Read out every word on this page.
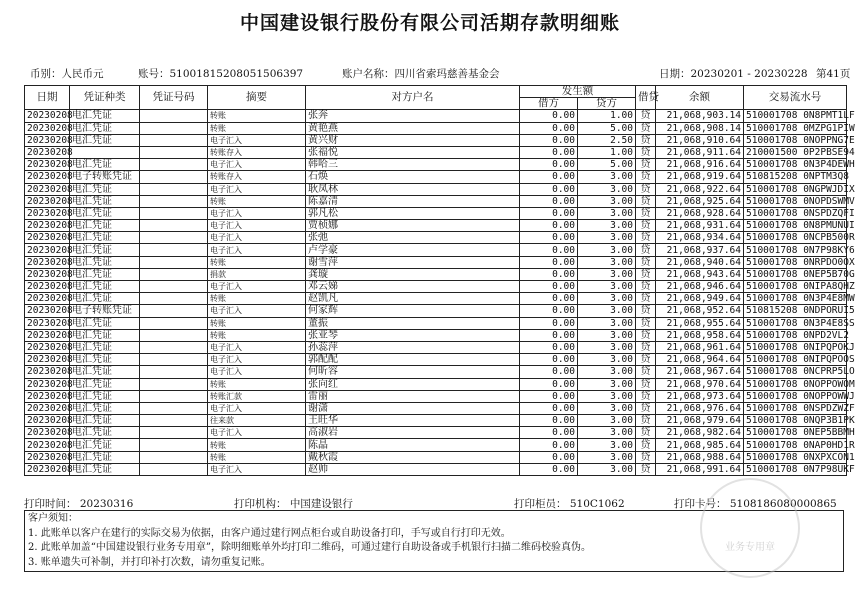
中国建设银行股份有限公司活期存款明细账
币别：人民币元	账号：51001815208051506397	账户名称：四川省索玛慈善基金会	日期：20230201 - 20230228 第41页
日期	凭证种类	凭证号码	摘要	对方户名	发生额		借贷	余额	交易流水号
					借方	贷方			
20230208	电汇凭证		转账	张奔	0.00	1.00	贷	21,068,903.14	510001708 0N8PMT1LF
20230208	电汇凭证		转账	黄艳燕	0.00	5.00	贷	21,068,908.14	510001708 0MZPG1PIW
20230208	电汇凭证		电子汇入	黄兴财	0.00	2.50	贷	21,068,910.64	510001708 0NOPPNG7E
20230208			转账存入	张福悦	0.00	1.00	贷	21,068,911.64	210001500 0P2PBSE94
20230208	电汇凭证		电子汇入	韩哈三	0.00	5.00	贷	21,068,916.64	510001708 0N3P4DEWH
20230208	电子转账凭证		转账存入	石焕	0.00	3.00	贷	21,068,919.64	510815208 0NPTM3Q8
20230208	电汇凭证		电子汇入	耿凤林	0.00	3.00	贷	21,068,922.64	510001708 0NGPWJDIX
20230208	电汇凭证		转账	陈嘉清	0.00	3.00	贷	21,068,925.64	510001708 0NOPDSWMV
20230208	电汇凭证		电子汇入	郭凡松	0.00	3.00	贷	21,068,928.64	510001708 0NSPDZQFI
20230208	电汇凭证		电子汇入	贾桢娜	0.00	3.00	贷	21,068,931.64	510001708 0N8PMUNUI
20230208	电汇凭证		电子汇入	张弛	0.00	3.00	贷	21,068,934.64	510001708 0NCPB500R
20230208	电汇凭证		电子汇入	卢学豪	0.00	3.00	贷	21,068,937.64	510001708 0N7P98KY6
20230208	电汇凭证		转账	谢雪萍	0.00	3.00	贷	21,068,940.64	510001708 0NRPDO0OX
20230208	电汇凭证		捐款	龚璇	0.00	3.00	贷	21,068,943.64	510001708 0NEP5B70G
20230208	电汇凭证		电子汇入	邓云娣	0.00	3.00	贷	21,068,946.64	510001708 0NIPA8QHZ
20230208	电汇凭证		转账	赵凯凡	0.00	3.00	贷	21,068,949.64	510001708 0N3P4E8MW
20230208	电子转账凭证		电子汇入	何家辉	0.00	3.00	贷	21,068,952.64	510815208 0NDPORUI5
20230208	电汇凭证		转账	董振	0.00	3.00	贷	21,068,955.64	510001708 0N3P4E8SS
20230208	电汇凭证		转账	张亚琴	0.00	3.00	贷	21,068,958.64	510001708 0NPD2VL2
20230208	电汇凭证		电子汇入	孙蕊萍	0.00	3.00	贷	21,068,961.64	510001708 0NIPQPOKJ
20230208	电汇凭证		电子汇入	郭配配	0.00	3.00	贷	21,068,964.64	510001708 0NIPQPOOS
20230208	电汇凭证		电子汇入	何昕容	0.00	3.00	贷	21,068,967.64	510001708 0NCPRP5LO
20230208	电汇凭证		转账	张向红	0.00	3.00	贷	21,068,970.64	510001708 0NOPPOWOM
20230208	电汇凭证		转账汇款	雷丽	0.00	3.00	贷	21,068,973.64	510001708 0NOPPOWWJ
20230208	电汇凭证		电子汇入	谢潇	0.00	3.00	贷	21,068,976.64	510001708 0NSPDZWZF
20230208	电汇凭证		往来款	王旺华	0.00	3.00	贷	21,068,979.64	510001708 0NQP3B1PK
20230208	电汇凭证		电子汇入	高淑岩	0.00	3.00	贷	21,068,982.64	510001708 0NEP5BBMH
20230208	电汇凭证		转账	陈晶	0.00	3.00	贷	21,068,985.64	510001708 0NAP0HD1R
20230208	电汇凭证		转账	戴秋霞	0.00	3.00	贷	21,068,988.64	510001708 0NXPXCON1
20230208	电汇凭证		电子汇入	赵帅	0.00	3.00	贷	21,068,991.64	510001708 0N7P98UKF
打印时间： 20230316	打印机构： 中国建设银行	打印柜员： 510C1062	打印卡号： 5108186080000865
客户须知：
1. 此账单以客户在建行的实际交易为依据，由客户通过建行网点柜台或自助设备打印，手写或自行打印无效。
2. 此账单加盖“中国建设银行业务专用章”，除明细账单外均打印二维码，可通过建行自助设备或手机银行扫描二维码校验真伪。
3. 账单遗失可补制，并打印补打次数，请勿重复记账。
业务专用章
